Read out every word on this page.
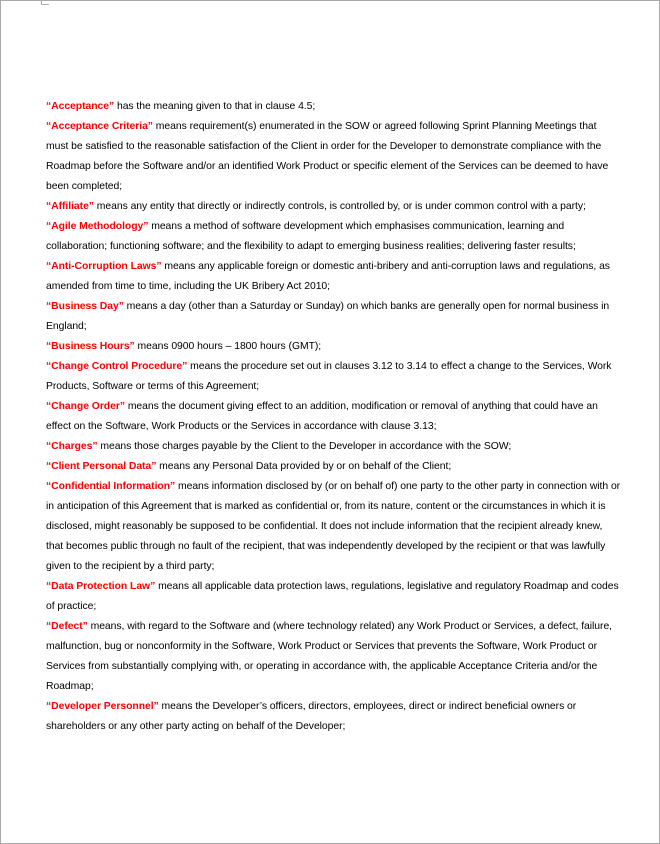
“Acceptance” has the meaning given to that in clause 4.5;

“Acceptance Criteria” means requirement(s) enumerated in the SOW or agreed following Sprint Planning Meetings that must be satisfied to the reasonable satisfaction of the Client in order for the Developer to demonstrate compliance with the Roadmap before the Software and/or an identified Work Product or specific element of the Services can be deemed to have been completed;

“Affiliate” means any entity that directly or indirectly controls, is controlled by, or is under common control with a party;

“Agile Methodology” means a method of software development which emphasises communication, learning and collaboration; functioning software; and the flexibility to adapt to emerging business realities; delivering faster results;

“Anti-Corruption Laws” means any applicable foreign or domestic anti-bribery and anti-corruption laws and regulations, as amended from time to time, including the UK Bribery Act 2010;

“Business Day” means a day (other than a Saturday or Sunday) on which banks are generally open for normal business in England;

“Business Hours” means 0900 hours – 1800 hours (GMT);

“Change Control Procedure” means the procedure set out in clauses 3.12 to 3.14 to effect a change to the Services, Work Products, Software or terms of this Agreement;

“Change Order” means the document giving effect to an addition, modification or removal of anything that could have an effect on the Software, Work Products or the Services in accordance with clause 3.13;

“Charges” means those charges payable by the Client to the Developer in accordance with the SOW;

“Client Personal Data” means any Personal Data provided by or on behalf of the Client;

“Confidential Information” means information disclosed by (or on behalf of) one party to the other party in connection with or in anticipation of this Agreement that is marked as confidential or, from its nature, content or the circumstances in which it is disclosed, might reasonably be supposed to be confidential. It does not include information that the recipient already knew, that becomes public through no fault of the recipient, that was independently developed by the recipient or that was lawfully given to the recipient by a third party;

“Data Protection Law” means all applicable data protection laws, regulations, legislative and regulatory Roadmap and codes of practice;

“Defect” means, with regard to the Software and (where technology related) any Work Product or Services, a defect, failure, malfunction, bug or nonconformity in the Software, Work Product or Services that prevents the Software, Work Product or Services from substantially complying with, or operating in accordance with, the applicable Acceptance Criteria and/or the Roadmap;

“Developer Personnel” means the Developer’s officers, directors, employees, direct or indirect beneficial owners or shareholders or any other party acting on behalf of the Developer;
